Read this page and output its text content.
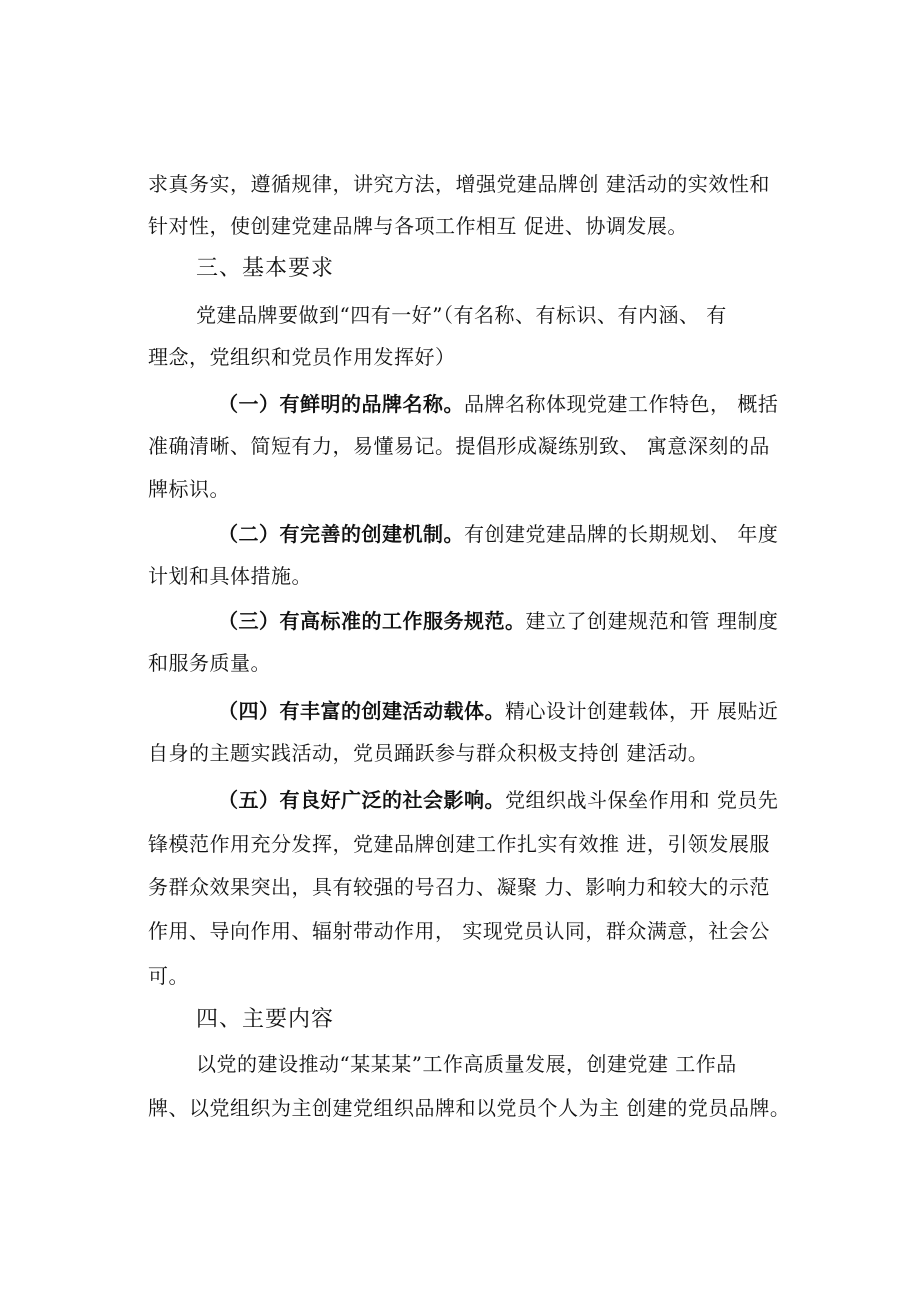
求真务实，遵循规律，讲究方法，增强党建品牌创 建活动的实效性和
针对性，使创建党建品牌与各项工作相互 促进、协调发展。
三、基本要求
党建品牌要做到“四有一好”（有名称、有标识、有内涵、 有
理念，党组织和党员作用发挥好）
（一）有鲜明的品牌名称。品牌名称体现党建工作特色， 概括
准确清晰、简短有力，易懂易记。提倡形成凝练别致、 寓意深刻的品
牌标识。
（二）有完善的创建机制。有创建党建品牌的长期规划、 年度
计划和具体措施。
（三）有高标准的工作服务规范。建立了创建规范和管 理制度
和服务质量。
（四）有丰富的创建活动载体。精心设计创建载体，开 展贴近
自身的主题实践活动，党员踊跃参与群众积极支持创 建活动。
（五）有良好广泛的社会影响。党组织战斗保垒作用和 党员先
锋模范作用充分发挥，党建品牌创建工作扎实有效推 进，引领发展服
务群众效果突出，具有较强的号召力、凝聚 力、影响力和较大的示范
作用、导向作用、辐射带动作用， 实现党员认同，群众满意，社会公
可。
四、主要内容
以党的建设推动“某某某”工作高质量发展，创建党建 工作品
牌、以党组织为主创建党组织品牌和以党员个人为主 创建的党员品牌。
